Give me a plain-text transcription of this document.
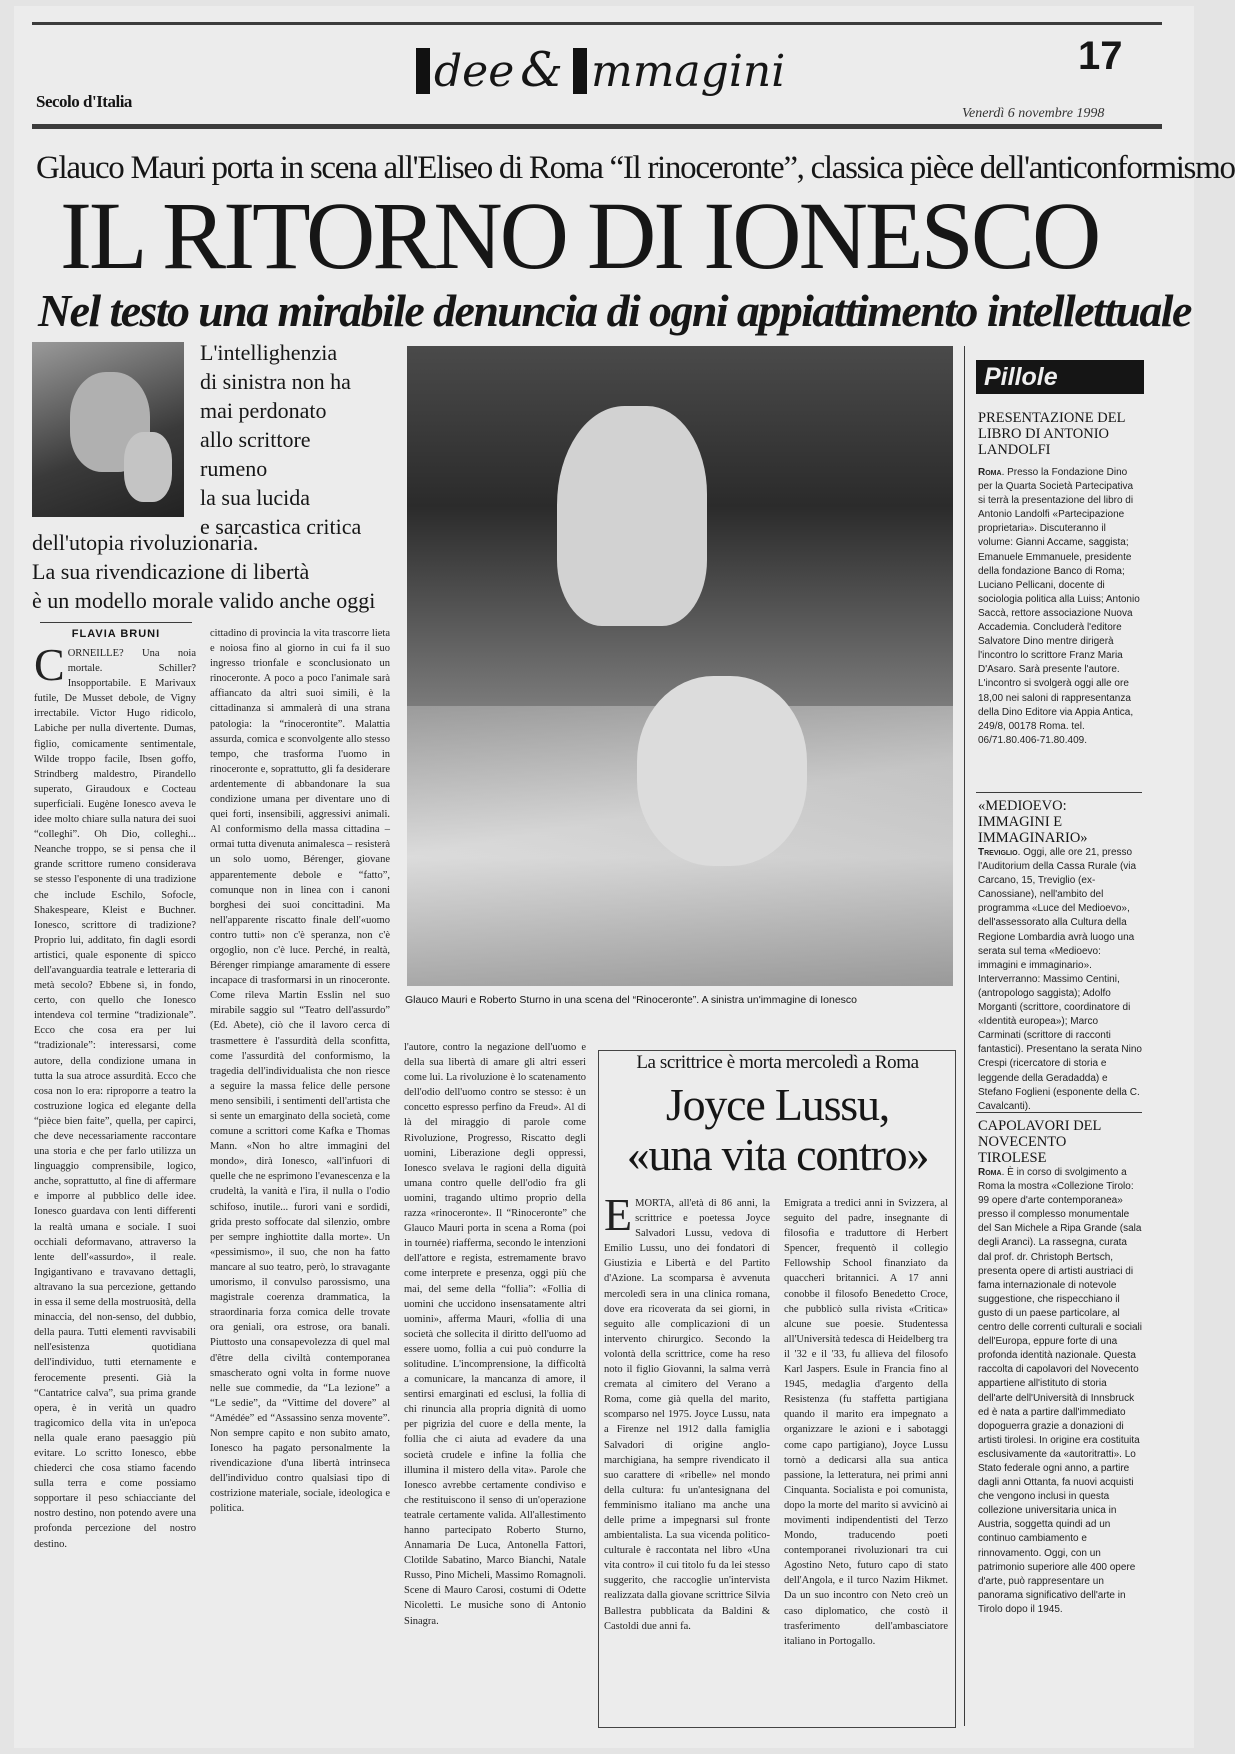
Secolo d'Italia
dee & mmagini	17
Venerdì 6 novembre 1998
Glauco Mauri porta in scena all'Eliseo di Roma “Il rinoceronte”, classica pièce dell'anticonformismo
IL RITORNO DI IONESCO
Nel testo una mirabile denuncia di ogni appiattimento intellettuale
L'intellighenzia
di sinistra non ha
mai perdonato
allo scrittore
rumeno
la sua lucida
e sarcastica critica
dell'utopia rivoluzionaria.
La sua rivendicazione di libertà
è un modello morale valido anche oggi
FLAVIA BRUNI
CORNEILLE? Una noia mortale. Schiller? Insopportabile. E Marivaux futile, De Musset debole, de Vigny irrectabile. Victor Hugo ridicolo, Labiche per nulla divertente. Dumas, figlio, comicamente sentimentale, Wilde troppo facile, Ibsen goffo, Strindberg maldestro, Pirandello superato, Giraudoux e Cocteau superficiali. Eugène Ionesco aveva le idee molto chiare sulla natura dei suoi “colleghi”. Oh Dio, colleghi... Neanche troppo, se si pensa che il grande scrittore rumeno considerava se stesso l'esponente di una tradizione che include Eschilo, Sofocle, Shakespeare, Kleist e Buchner. Ionesco, scrittore di tradizione? Proprio lui, additato, fin dagli esordi artistici, quale esponente di spicco dell'avanguardia teatrale e letteraria di metà secolo? Ebbene sì, in fondo, certo, con quello che Ionesco intendeva col termine “tradizionale”. Ecco che cosa era per lui “tradizionale”: interessarsi, come autore, della condizione umana in tutta la sua atroce assurdità. Ecco che cosa non lo era: riproporre a teatro la costruzione logica ed elegante della “pièce bien faite”, quella, per capirci, che deve necessariamente raccontare una storia e che per farlo utilizza un linguaggio comprensibile, logico, anche, soprattutto, al fine di affermare e imporre al pubblico delle idee. Ionesco guardava con lenti differenti la realtà umana e sociale. I suoi occhiali deformavano, attraverso la lente dell'«assurdo», il reale. Ingigantivano e travavano dettagli, altravano la sua percezione, gettando in essa il seme della mostruosità, della minaccia, del non-senso, del dubbio, della paura. Tutti elementi ravvisabili nell'esistenza quotidiana dell'individuo, tutti eternamente e ferocemente presenti. Già la “Cantatrice calva”, sua prima grande opera, è in verità un quadro tragicomico della vita in un'epoca nella quale erano paesaggio più evitare. Lo scritto Ionesco, ebbe chiederci che cosa stiamo facendo sulla terra e come possiamo sopportare il peso schiacciante del nostro destino, non potendo avere una profonda percezione del nostro destino.
cittadino di provincia la vita trascorre lieta e noiosa fino al giorno in cui fa il suo ingresso trionfale e sconclusionato un rinoceronte. A poco a poco l'animale sarà affiancato da altri suoi simili, è la cittadinanza si ammalerà di una strana patologia: la “rinocerontite”. Malattia assurda, comica e sconvolgente allo stesso tempo, che trasforma l'uomo in rinoceronte e, soprattutto, gli fa desiderare ardentemente di abbandonare la sua condizione umana per diventare uno di quei forti, insensibili, aggressivi animali. Al conformismo della massa cittadina – ormai tutta divenuta animalesca – resisterà un solo uomo, Bérenger, giovane apparentemente debole e “fatto”, comunque non in linea con i canoni borghesi dei suoi concittadini. Ma nell'apparente riscatto finale dell'«uomo contro tutti» non c'è speranza, non c'è orgoglio, non c'è luce. Perché, in realtà, Bérenger rimpiange amaramente di essere incapace di trasformarsi in un rinoceronte. Come rileva Martin Esslin nel suo mirabile saggio sul “Teatro dell'assurdo” (Ed. Abete), ciò che il lavoro cerca di trasmettere è l'assurdità della sconfitta, come l'assurdità del conformismo, la tragedia dell'individualista che non riesce a seguire la massa felice delle persone meno sensibili, i sentimenti dell'artista che si sente un emarginato della società, come comune a scrittori come Kafka e Thomas Mann. «Non ho altre immagini del mondo», dirà Ionesco, «all'infuori di quelle che ne esprimono l'evanescenza e la crudeltà, la vanità e l'ira, il nulla o l'odio schifoso, inutile... furori vani e sordidi, grida presto soffocate dal silenzio, ombre per sempre inghiottite dalla morte». Un «pessimismo», il suo, che non ha fatto mancare al suo teatro, però, lo stravagante umorismo, il convulso parossismo, una magistrale coerenza drammatica, la straordinaria forza comica delle trovate ora geniali, ora estrose, ora banali. Piuttosto una consapevolezza di quel mal d'être della civiltà contemporanea smascherato ogni volta in forme nuove nelle sue commedie, da “La lezione” a “Le sedie”, da “Vittime del dovere” al “Amédée” ed “Assassino senza movente”. Non sempre capito e non subito amato, Ionesco ha pagato personalmente la rivendicazione d'una libertà intrinseca dell'individuo contro qualsiasi tipo di costrizione materiale, sociale, ideologica e politica.
Glauco Mauri e Roberto Sturno in una scena del “Rinoceronte”. A sinistra un'immagine di Ionesco
l'autore, contro la negazione dell'uomo e della sua libertà di amare gli altri esseri come lui. La rivoluzione è lo scatenamento dell'odio dell'uomo contro se stesso: è un concetto espresso perfino da Freud». Al di là del miraggio di parole come Rivoluzione, Progresso, Riscatto degli uomini, Liberazione degli oppressi, Ionesco svelava le ragioni della diguità umana contro quelle dell'odio fra gli uomini, tragando ultimo proprio della razza «rinoceronte». Il “Rinoceronte” che Glauco Mauri porta in scena a Roma (poi in tournée) riafferma, secondo le intenzioni dell'attore e regista, estremamente bravo come interprete e presenza, oggi più che mai, del seme della “follia”: «Follia di uomini che uccidono insensatamente altri uomini», afferma Mauri, «follia di una società che sollecita il diritto dell'uomo ad essere uomo, follia a cui può condurre la solitudine. L'incomprensione, la difficoltà a comunicare, la mancanza di amore, il sentirsi emarginati ed esclusi, la follia di chi rinuncia alla propria dignità di uomo per pigrizia del cuore e della mente, la follia che ci aiuta ad evadere da una società crudele e infine la follia che illumina il mistero della vita». Parole che Ionesco avrebbe certamente condiviso e che restituiscono il senso di un'operazione teatrale certamente valida. All'allestimento hanno partecipato Roberto Sturno, Annamaria De Luca, Antonella Fattori, Clotilde Sabatino, Marco Bianchi, Natale Russo, Pino Micheli, Massimo Romagnoli. Scene di Mauro Carosi, costumi di Odette Nicoletti. Le musiche sono di Antonio Sinagra.
La scrittrice è morta mercoledì a Roma
Joyce Lussu,
«una vita contro»
EMORTA, all'età di 86 anni, la scrittrice e poetessa Joyce Salvadori Lussu, vedova di Emilio Lussu, uno dei fondatori di Giustizia e Libertà e del Partito d'Azione. La scomparsa è avvenuta mercoledì sera in una clinica romana, dove era ricoverata da sei giorni, in seguito alle complicazioni di un intervento chirurgico. Secondo la volontà della scrittrice, come ha reso noto il figlio Giovanni, la salma verrà cremata al cimitero del Verano a Roma, come già quella del marito, scomparso nel 1975. Joyce Lussu, nata a Firenze nel 1912 dalla famiglia Salvadori di origine anglo-marchigiana, ha sempre rivendicato il suo carattere di «ribelle» nel mondo della cultura: fu un'antesignana del femminismo italiano ma anche una delle prime a impegnarsi sul fronte ambientalista. La sua vicenda politico-culturale è raccontata nel libro «Una vita contro» il cui titolo fu da lei stesso suggerito, che raccoglie un'intervista realizzata dalla giovane scrittrice Silvia Ballestra pubblicata da Baldini & Castoldi due anni fa.
Emigrata a tredici anni in Svizzera, al seguito del padre, insegnante di filosofia e traduttore di Herbert Spencer, frequentò il collegio Fellowship School finanziato da quaccheri britannici. A 17 anni conobbe il filosofo Benedetto Croce, che pubblicò sulla rivista «Critica» alcune sue poesie. Studentessa all'Università tedesca di Heidelberg tra il '32 e il '33, fu allieva del filosofo Karl Jaspers. Esule in Francia fino al 1945, medaglia d'argento della Resistenza (fu staffetta partigiana quando il marito era impegnato a organizzare le azioni e i sabotaggi come capo partigiano), Joyce Lussu tornò a dedicarsi alla sua antica passione, la letteratura, nei primi anni Cinquanta. Socialista e poi comunista, dopo la morte del marito si avvicinò ai movimenti indipendentisti del Terzo Mondo, traducendo poeti contemporanei rivoluzionari tra cui Agostino Neto, futuro capo di stato dell'Angola, e il turco Nazim Hikmet. Da un suo incontro con Neto creò un caso diplomatico, che costò il trasferimento dell'ambasciatore italiano in Portogallo.
Pillole
PRESENTAZIONE DEL LIBRO DI ANTONIO LANDOLFI
Roma. Presso la Fondazione Dino per la Quarta Società Partecipativa si terrà la presentazione del libro di Antonio Landolfi «Partecipazione proprietaria». Discuteranno il volume: Gianni Accame, saggista; Emanuele Emmanuele, presidente della fondazione Banco di Roma; Luciano Pellicani, docente di sociologia politica alla Luiss; Antonio Saccà, rettore associazione Nuova Accademia. Concluderà l'editore Salvatore Dino mentre dirigerà l'incontro lo scrittore Franz Maria D'Asaro. Sarà presente l'autore. L'incontro si svolgerà oggi alle ore 18,00 nei saloni di rappresentanza della Dino Editore via Appia Antica, 249/8, 00178 Roma. tel. 06/71.80.406-71.80.409.
«MEDIOEVO: IMMAGINI E IMMAGINARIO»
Treviglio. Oggi, alle ore 21, presso l'Auditorium della Cassa Rurale (via Carcano, 15, Treviglio (ex-Canossiane), nell'ambito del programma «Luce del Medioevo», dell'assessorato alla Cultura della Regione Lombardia avrà luogo una serata sul tema «Medioevo: immagini e immaginario». Interverranno: Massimo Centini, (antropologo saggista); Adolfo Morganti (scrittore, coordinatore di «Identità europea»); Marco Carminati (scrittore di racconti fantastici). Presentano la serata Nino Crespi (ricercatore di storia e leggende della Geradadda) e Stefano Foglieni (esponente della C. Cavalcanti).
CAPOLAVORI DEL NOVECENTO TIROLESE
Roma. È in corso di svolgimento a Roma la mostra «Collezione Tirolo: 99 opere d'arte contemporanea» presso il complesso monumentale del San Michele a Ripa Grande (sala degli Aranci). La rassegna, curata dal prof. dr. Christoph Bertsch, presenta opere di artisti austriaci di fama internazionale di notevole suggestione, che rispecchiano il gusto di un paese particolare, al centro delle correnti culturali e sociali dell'Europa, eppure forte di una profonda identità nazionale. Questa raccolta di capolavori del Novecento appartiene all'istituto di storia dell'arte dell'Università di Innsbruck ed è nata a partire dall'immediato dopoguerra grazie a donazioni di artisti tirolesi. In origine era costituita esclusivamente da «autoritratti». Lo Stato federale ogni anno, a partire dagli anni Ottanta, fa nuovi acquisti che vengono inclusi in questa collezione universitaria unica in Austria, soggetta quindi ad un continuo cambiamento e rinnovamento. Oggi, con un patrimonio superiore alle 400 opere d'arte, può rappresentare un panorama significativo dell'arte in Tirolo dopo il 1945.
